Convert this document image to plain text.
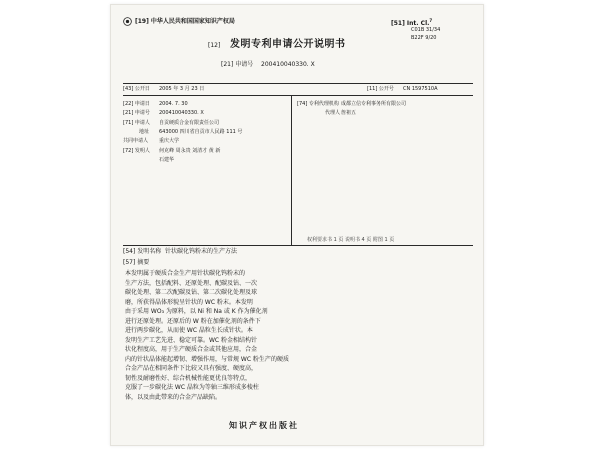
[19] 中华人民共和国国家知识产权局	[51] Int. Cl.$^7$
C01B 31/34
B22F 9/20
[12] 发明专利申请公开说明书
[21] 申请号 200410040330. X
[43] 公开日 2005 年 3 月 23 日	[11] 公开号 CN 1597510A
[22] 申请日 2004. 7. 30
[21] 申请号 200410040330. X
[71] 申请人 自贡硬质合金有限责任公司
地址 643000 四川省自贡市人民路 111 号
共同申请人 重庆大学
[72] 发明人 何克峰 周永贵 刘清才 黄 新
石建华
[74] 专利代理机构 成都立信专利事务所有限公司
代理人 詹祖五
权利要求书 1 页 说明书 4 页 附图 1 页
[54] 发明名称 针状碳化钨粉末的生产方法
[57] 摘要

本发明属于硬质合金生产用针状碳化钨粉末的

生产方法，包括配料、还原处理、配碳及钻、一次

碳化处理、第二次配碳及钻、第二次碳化处理及球

磨，所获得晶体形貌呈针状的 WC 粉末。本发明

由于采用 WO₃ 为原料，以 Ni 和 Na 或 K 作为催化剂

进行还原处理。还原后的 W 粉在加催化剂的条件下

进行两步碳化，从而使 WC 晶粒生长成针状。本

发明生产工艺先进、稳定可靠。WC 粉金相结构针

状化程度高，用于生产硬质合金或其他应用，合金

内的针状晶体能起增韧、增强作用，与常规 WC 粉生产的硬质

合金产品在相同条件下比较又具有强度、硬度高，

韧性及耐磨性好、综合机械性能更优良等特点，

克服了一步碳化法 WC 晶粒为等轴三维形成多棱柱

体，以及由此带来的合金产品缺陷。

知识产权出版社
